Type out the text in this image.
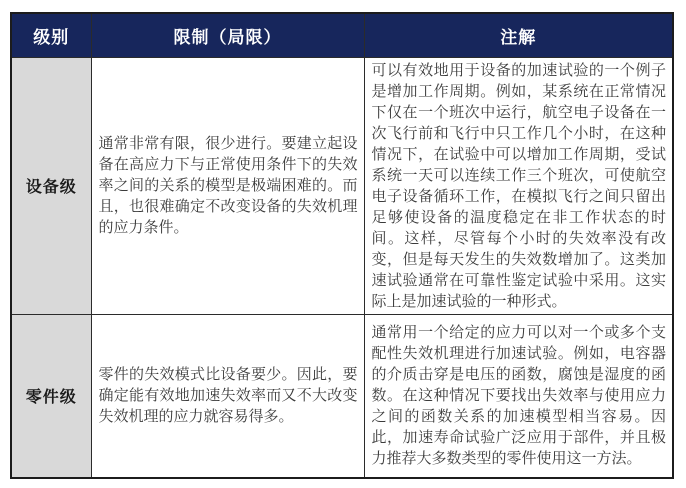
级别	限制（局限）	注解
设备级	通常非常有限，很少进行。要建立起设备在高应力下与正常使用条件下的失效率之间的关系的模型是极端困难的。而且，也很难确定不改变设备的失效机理的应力条件。	可以有效地用于设备的加速试验的一个例子是增加工作周期。例如，某系统在正常情况下仅在一个班次中运行，航空电子设备在一次飞行前和飞行中只工作几个小时，在这种情况下，在试验中可以增加工作周期，受试系统一天可以连续工作三个班次，可使航空电子设备循环工作，在模拟飞行之间只留出足够使设备的温度稳定在非工作状态的时间。这样，尽管每个小时的失效率没有改变，但是每天发生的失效数增加了。这类加速试验通常在可靠性鉴定试验中采用。这实际上是加速试验的一种形式。
零件级	零件的失效模式比设备要少。因此，要确定能有效地加速失效率而又不大改变失效机理的应力就容易得多。	通常用一个给定的应力可以对一个或多个支配性失效机理进行加速试验。例如，电容器的介质击穿是电压的函数，腐蚀是湿度的函数。在这种情况下要找出失效率与使用应力之间的函数关系的加速模型相当容易。因此，加速寿命试验广泛应用于部件，并且极力推荐大多数类型的零件使用这一方法。
